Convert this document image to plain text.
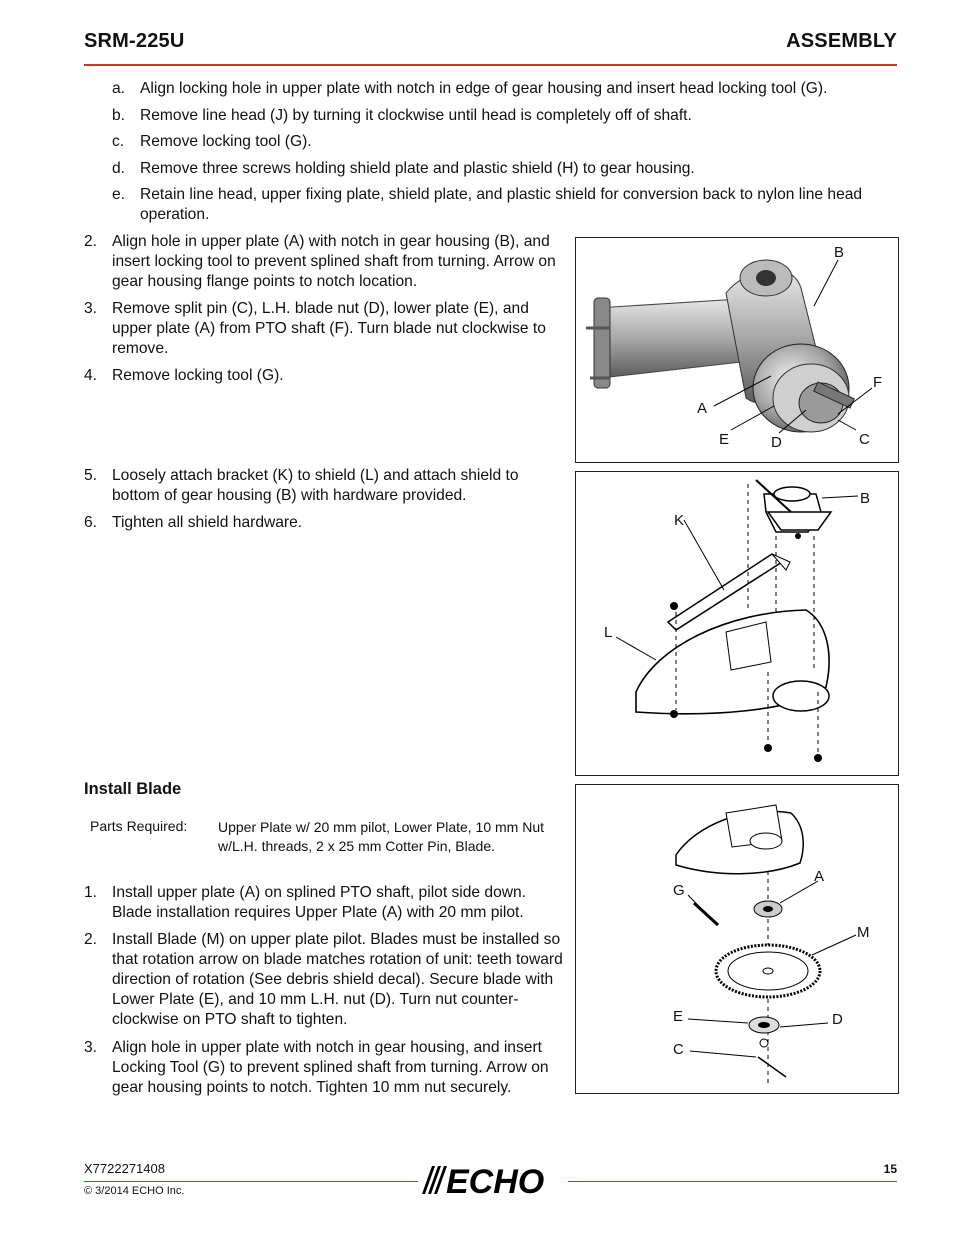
SRM-225U	ASSEMBLY
a. Align locking hole in upper plate with notch in edge of gear housing and insert head locking tool (G).
b. Remove line head (J) by turning it clockwise until head is completely off of shaft.
c. Remove locking tool (G).
d. Remove three screws holding shield plate and plastic shield (H) to gear housing.
e. Retain line head, upper fixing plate, shield plate, and plastic shield for conversion back to nylon line head operation.
2. Align hole in upper plate (A) with notch in gear housing (B), and insert locking tool to prevent splined shaft from turning. Arrow on gear housing flange points to notch location.
3. Remove split pin (C), L.H. blade nut (D), lower plate (E), and upper plate (A) from PTO shaft (F). Turn blade nut clockwise to remove.
4. Remove locking tool (G).
5. Loosely attach bracket (K) to shield (L) and attach shield to bottom of gear housing (B) with hardware provided.
6. Tighten all shield hardware.
Install Blade
Parts Required: Upper Plate w/ 20 mm pilot, Lower Plate, 10 mm Nut w/L.H. threads, 2 x 25 mm Cotter Pin, Blade.
1. Install upper plate (A) on splined PTO shaft, pilot side down. Blade installation requires Upper Plate (A) with 20 mm pilot.
2. Install Blade (M) on upper plate pilot. Blades must be installed so that rotation arrow on blade matches rotation of unit: teeth toward direction of rotation (See debris shield decal). Secure blade with Lower Plate (E), and 10 mm L.H. nut (D). Turn nut counter-clockwise on PTO shaft to tighten.
3. Align hole in upper plate with notch in gear housing, and insert Locking Tool (G) to prevent splined shaft from turning. Arrow on gear housing points to notch. Tighten 10 mm nut securely.
B
F
A
E	D	C
B
K
L
A
G
M
E	D
C
X7722271408
© 3/2014 ECHO Inc.
15
ECHO
